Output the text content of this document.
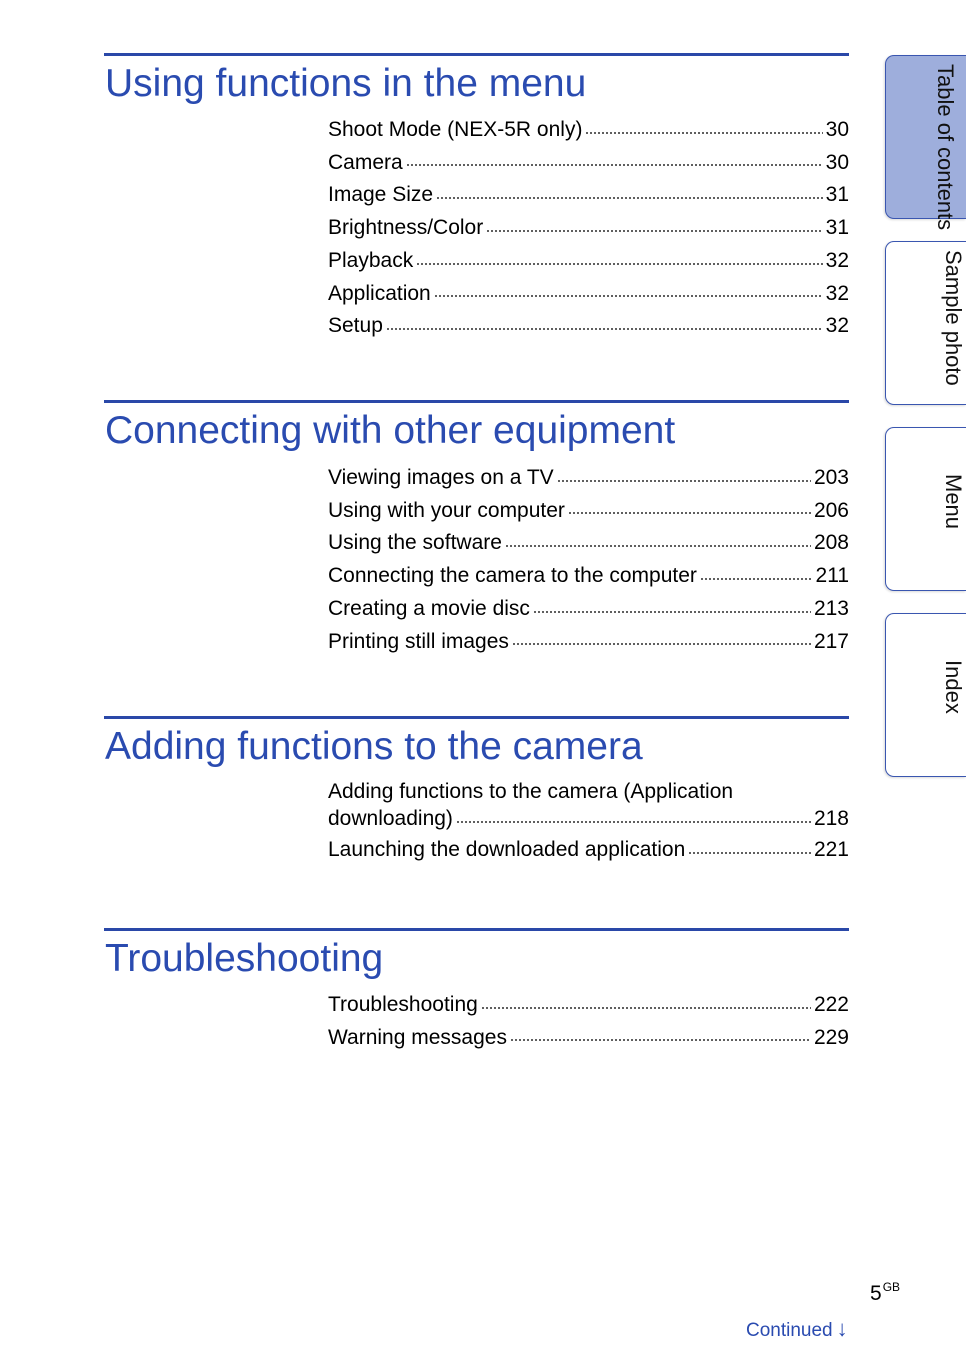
Using functions in the menu
Shoot Mode (NEX-5R only)	30
Camera	30
Image Size	31
Brightness/Color	31
Playback	32
Application	32
Setup	32
Connecting with other equipment
Viewing images on a TV	203
Using with your computer	206
Using the software	208
Connecting the camera to the computer	211
Creating a movie disc	213
Printing still images	217
Adding functions to the camera
Adding functions to the camera (Application
downloading)	218
Launching the downloaded application	221
Troubleshooting
Troubleshooting	222
Warning messages	229
Table of contents
Sample photo
Menu
Index
$5^{GB}$
Continued ↓
